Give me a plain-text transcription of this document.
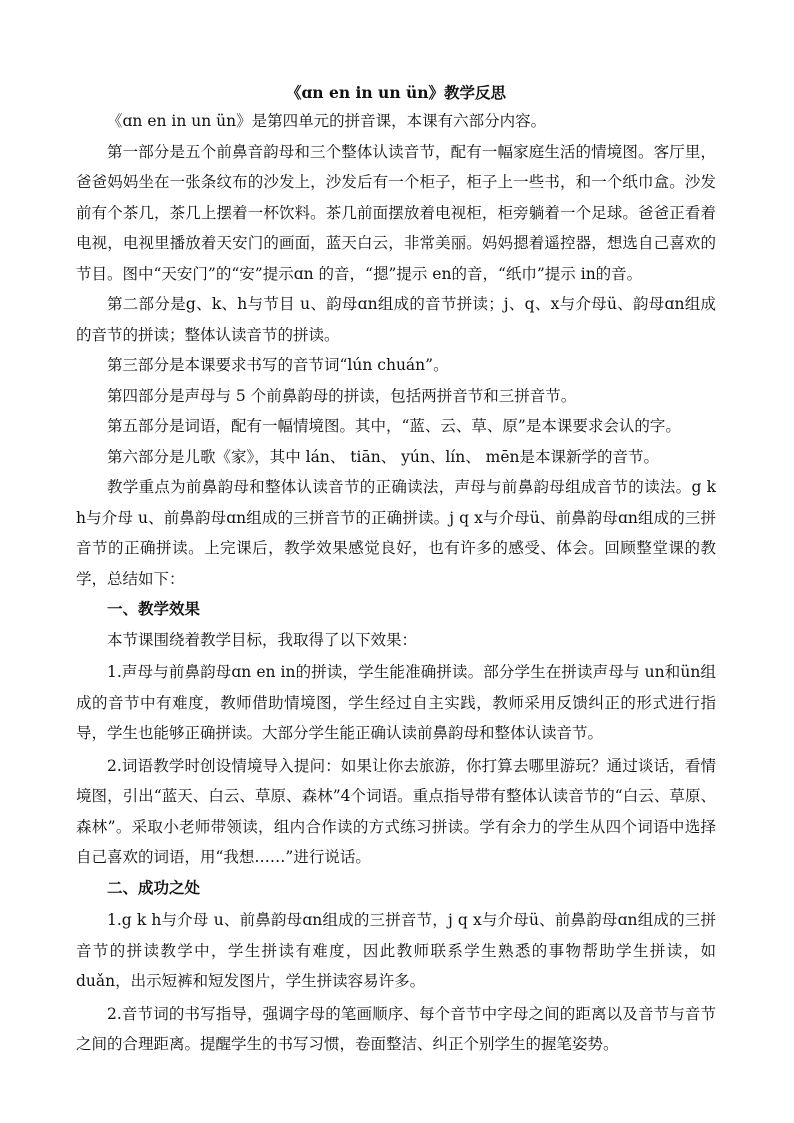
《ɑn en in un ün》教学反思

《ɑn en in un ün》是第四单元的拼音课，本课有六部分内容。

第一部分是五个前鼻音韵母和三个整体认读音节，配有一幅家庭生活的情境图。客厅里，爸爸妈妈坐在一张条纹布的沙发上，沙发后有一个柜子，柜子上一些书，和一个纸巾盒。沙发前有个茶几，茶几上摆着一杯饮料。茶几前面摆放着电视柜，柜旁躺着一个足球。爸爸正看着电视，电视里播放着天安门的画面，蓝天白云，非常美丽。妈妈摁着遥控器，想选自己喜欢的节目。图中“天安门”的“安”提示ɑn 的音，“摁”提示 en的音，“纸巾”提示 in的音。

第二部分是g、k、h与节目 u、韵母ɑn组成的音节拼读；j、q、x与介母ü、韵母ɑn组成的音节的拼读；整体认读音节的拼读。

第三部分是本课要求书写的音节词“lún chuán”。

第四部分是声母与 5 个前鼻韵母的拼读，包括两拼音节和三拼音节。

第五部分是词语，配有一幅情境图。其中，“蓝、云、草、原”是本课要求会认的字。

第六部分是儿歌《家》，其中 lán、 tiān、 yún、lín、 mēn是本课新学的音节。

教学重点为前鼻韵母和整体认读音节的正确读法，声母与前鼻韵母组成音节的读法。g k h与介母 u、前鼻韵母ɑn组成的三拼音节的正确拼读。j q x与介母ü、前鼻韵母ɑn组成的三拼音节的正确拼读。上完课后，教学效果感觉良好，也有许多的感受、体会。回顾整堂课的教学，总结如下：

一、教学效果

本节课围绕着教学目标，我取得了以下效果：

1.声母与前鼻韵母ɑn en in的拼读，学生能准确拼读。部分学生在拼读声母与 un和ün组成的音节中有难度，教师借助情境图，学生经过自主实践，教师采用反馈纠正的形式进行指导，学生也能够正确拼读。大部分学生能正确认读前鼻韵母和整体认读音节。

2.词语教学时创设情境导入提问：如果让你去旅游，你打算去哪里游玩？通过谈话，看情境图，引出“蓝天、白云、草原、森林”4个词语。重点指导带有整体认读音节的“白云、草原、森林”。采取小老师带领读，组内合作读的方式练习拼读。学有余力的学生从四个词语中选择自己喜欢的词语，用“我想……”进行说话。

二、成功之处

1.g k h与介母 u、前鼻韵母ɑn组成的三拼音节，j q x与介母ü、前鼻韵母ɑn组成的三拼音节的拼读教学中，学生拼读有难度，因此教师联系学生熟悉的事物帮助学生拼读，如 duǎn，出示短裤和短发图片，学生拼读容易许多。

2.音节词的书写指导，强调字母的笔画顺序、每个音节中字母之间的距离以及音节与音节之间的合理距离。提醒学生的书写习惯，卷面整洁、纠正个别学生的握笔姿势。
